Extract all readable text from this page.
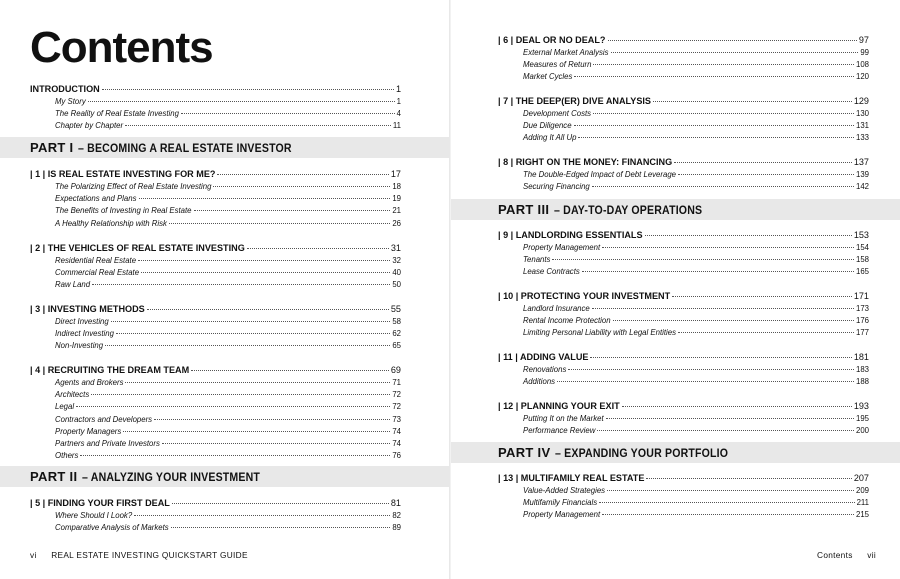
Contents
INTRODUCTION	1
My Story	1
The Reality of Real Estate Investing	4
Chapter by Chapter	11
PART I – BECOMING A REAL ESTATE INVESTOR
| 1 | IS REAL ESTATE INVESTING FOR ME?	17
The Polarizing Effect of Real Estate Investing	18
Expectations and Plans	19
The Benefits of Investing in Real Estate	21
A Healthy Relationship with Risk	26
| 2 | THE VEHICLES OF REAL ESTATE INVESTING	31
Residential Real Estate	32
Commercial Real Estate	40
Raw Land	50
| 3 | INVESTING METHODS	55
Direct Investing	58
Indirect Investing	62
Non-Investing	65
| 4 | RECRUITING THE DREAM TEAM	69
Agents and Brokers	71
Architects	72
Legal	72
Contractors and Developers	73
Property Managers	74
Partners and Private Investors	74
Others	76
PART II – ANALYZING YOUR INVESTMENT
| 5 | FINDING YOUR FIRST DEAL	81
Where Should I Look?	82
Comparative Analysis of Markets	89
vi REAL ESTATE INVESTING QUICKSTART GUIDE
| 6 | DEAL OR NO DEAL?	97
External Market Analysis	99
Measures of Return	108
Market Cycles	120
| 7 | THE DEEP(ER) DIVE ANALYSIS	129
Development Costs	130
Due Diligence	131
Adding It All Up	133
| 8 | RIGHT ON THE MONEY: FINANCING	137
The Double-Edged Impact of Debt Leverage	139
Securing Financing	142
PART III – DAY-TO-DAY OPERATIONS
| 9 | LANDLORDING ESSENTIALS	153
Property Management	154
Tenants	158
Lease Contracts	165
| 10 | PROTECTING YOUR INVESTMENT	171
Landlord Insurance	173
Rental Income Protection	176
Limiting Personal Liability with Legal Entities	177
| 11 | ADDING VALUE	181
Renovations	183
Additions	188
| 12 | PLANNING YOUR EXIT	193
Putting It on the Market	195
Performance Review	200
PART IV – EXPANDING YOUR PORTFOLIO
| 13 | MULTIFAMILY REAL ESTATE	207
Value-Added Strategies	209
Multifamily Financials	211
Property Management	215
Contents vii
